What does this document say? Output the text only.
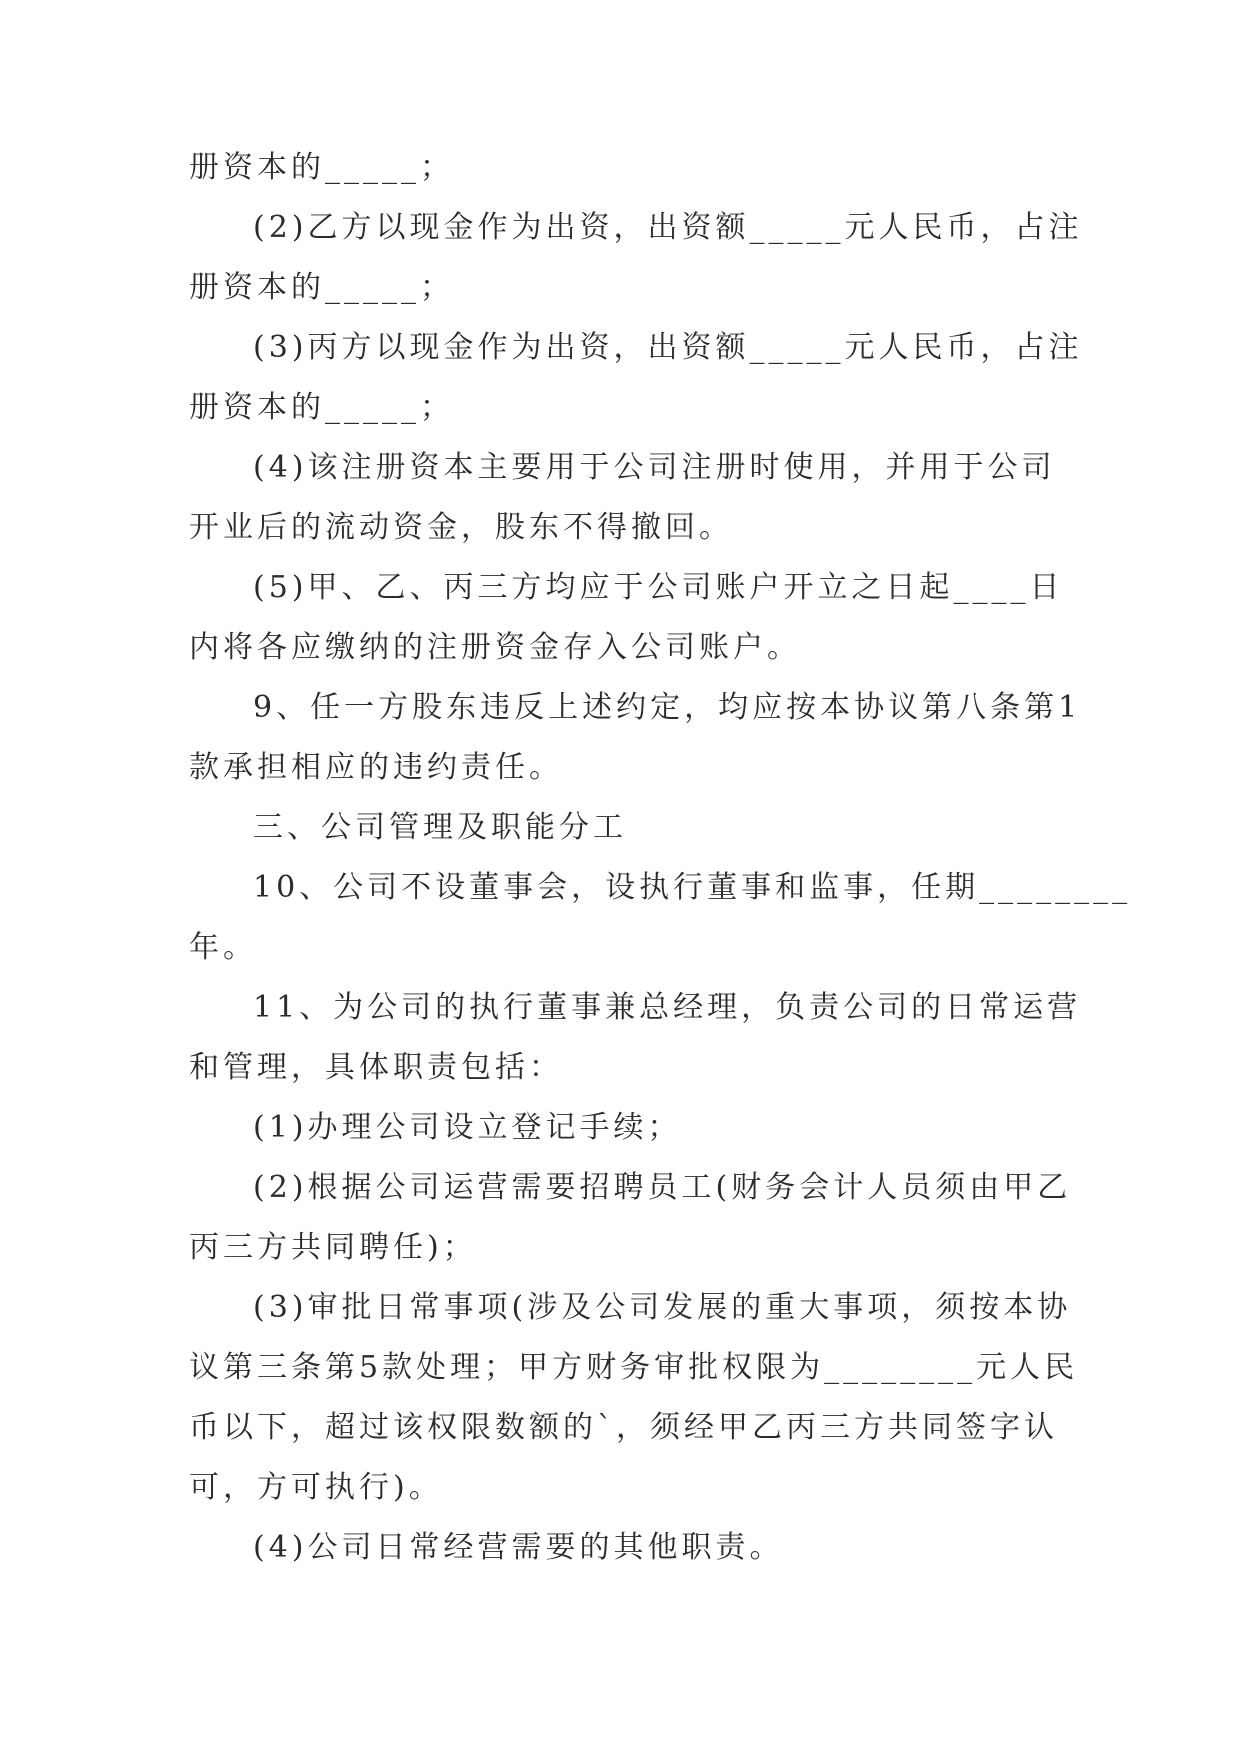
册资本的_____；
(2)乙方以现金作为出资，出资额_____元人民币，占注
册资本的_____；
(3)丙方以现金作为出资，出资额_____元人民币，占注
册资本的_____；
(4)该注册资本主要用于公司注册时使用，并用于公司
开业后的流动资金，股东不得撤回。
(5)甲、乙、丙三方均应于公司账户开立之日起____日
内将各应缴纳的注册资金存入公司账户。
9、任一方股东违反上述约定，均应按本协议第八条第1
款承担相应的违约责任。
三、公司管理及职能分工
10、公司不设董事会，设执行董事和监事，任期________
年。
11、为公司的执行董事兼总经理，负责公司的日常运营
和管理，具体职责包括：
(1)办理公司设立登记手续；
(2)根据公司运营需要招聘员工(财务会计人员须由甲乙
丙三方共同聘任)；
(3)审批日常事项(涉及公司发展的重大事项，须按本协
议第三条第5款处理；甲方财务审批权限为________元人民
币以下，超过该权限数额的`，须经甲乙丙三方共同签字认
可，方可执行)。
(4)公司日常经营需要的其他职责。
